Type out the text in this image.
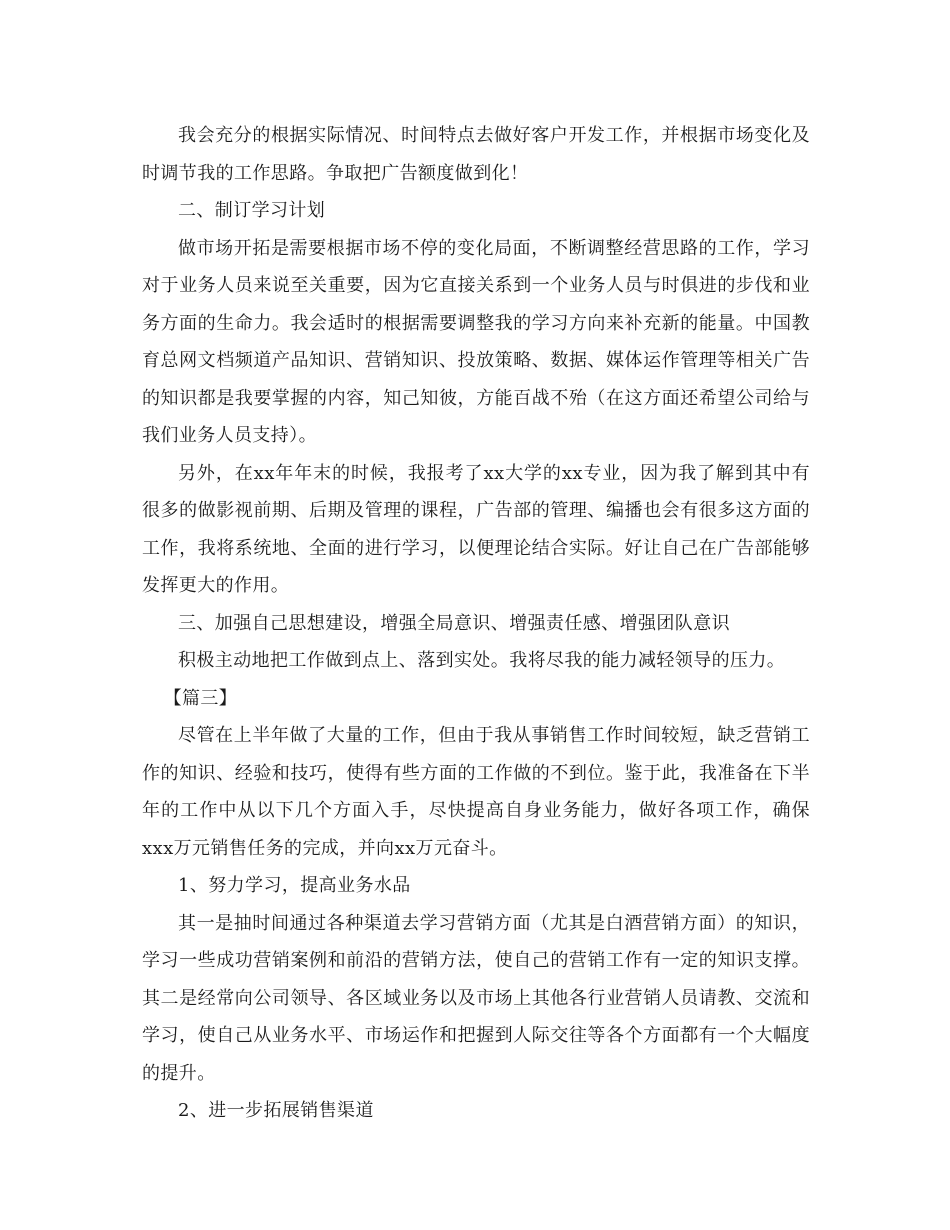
我会充分的根据实际情况、时间特点去做好客户开发工作，并根据市场变化及时调节我的工作思路。争取把广告额度做到化！

二、制订学习计划

做市场开拓是需要根据市场不停的变化局面，不断调整经营思路的工作，学习对于业务人员来说至关重要，因为它直接关系到一个业务人员与时俱进的步伐和业务方面的生命力。我会适时的根据需要调整我的学习方向来补充新的能量。中国教育总网文档频道产品知识、营销知识、投放策略、数据、媒体运作管理等相关广告的知识都是我要掌握的内容，知己知彼，方能百战不殆（在这方面还希望公司给与我们业务人员支持）。

另外，在xx年年末的时候，我报考了xx大学的xx专业，因为我了解到其中有很多的做影视前期、后期及管理的课程，广告部的管理、编播也会有很多这方面的工作，我将系统地、全面的进行学习，以便理论结合实际。好让自己在广告部能够发挥更大的作用。

三、加强自己思想建设，增强全局意识、增强责任感、增强团队意识

积极主动地把工作做到点上、落到实处。我将尽我的能力减轻领导的压力。

【篇三】

尽管在上半年做了大量的工作，但由于我从事销售工作时间较短，缺乏营销工作的知识、经验和技巧，使得有些方面的工作做的不到位。鉴于此，我准备在下半年的工作中从以下几个方面入手，尽快提高自身业务能力，做好各项工作，确保xxx万元销售任务的完成，并向xx万元奋斗。

1、努力学习，提高业务水品

其一是抽时间通过各种渠道去学习营销方面（尤其是白酒营销方面）的知识，学习一些成功营销案例和前沿的营销方法，使自己的营销工作有一定的知识支撑。其二是经常向公司领导、各区域业务以及市场上其他各行业营销人员请教、交流和学习，使自己从业务水平、市场运作和把握到人际交往等各个方面都有一个大幅度的提升。

2、进一步拓展销售渠道
